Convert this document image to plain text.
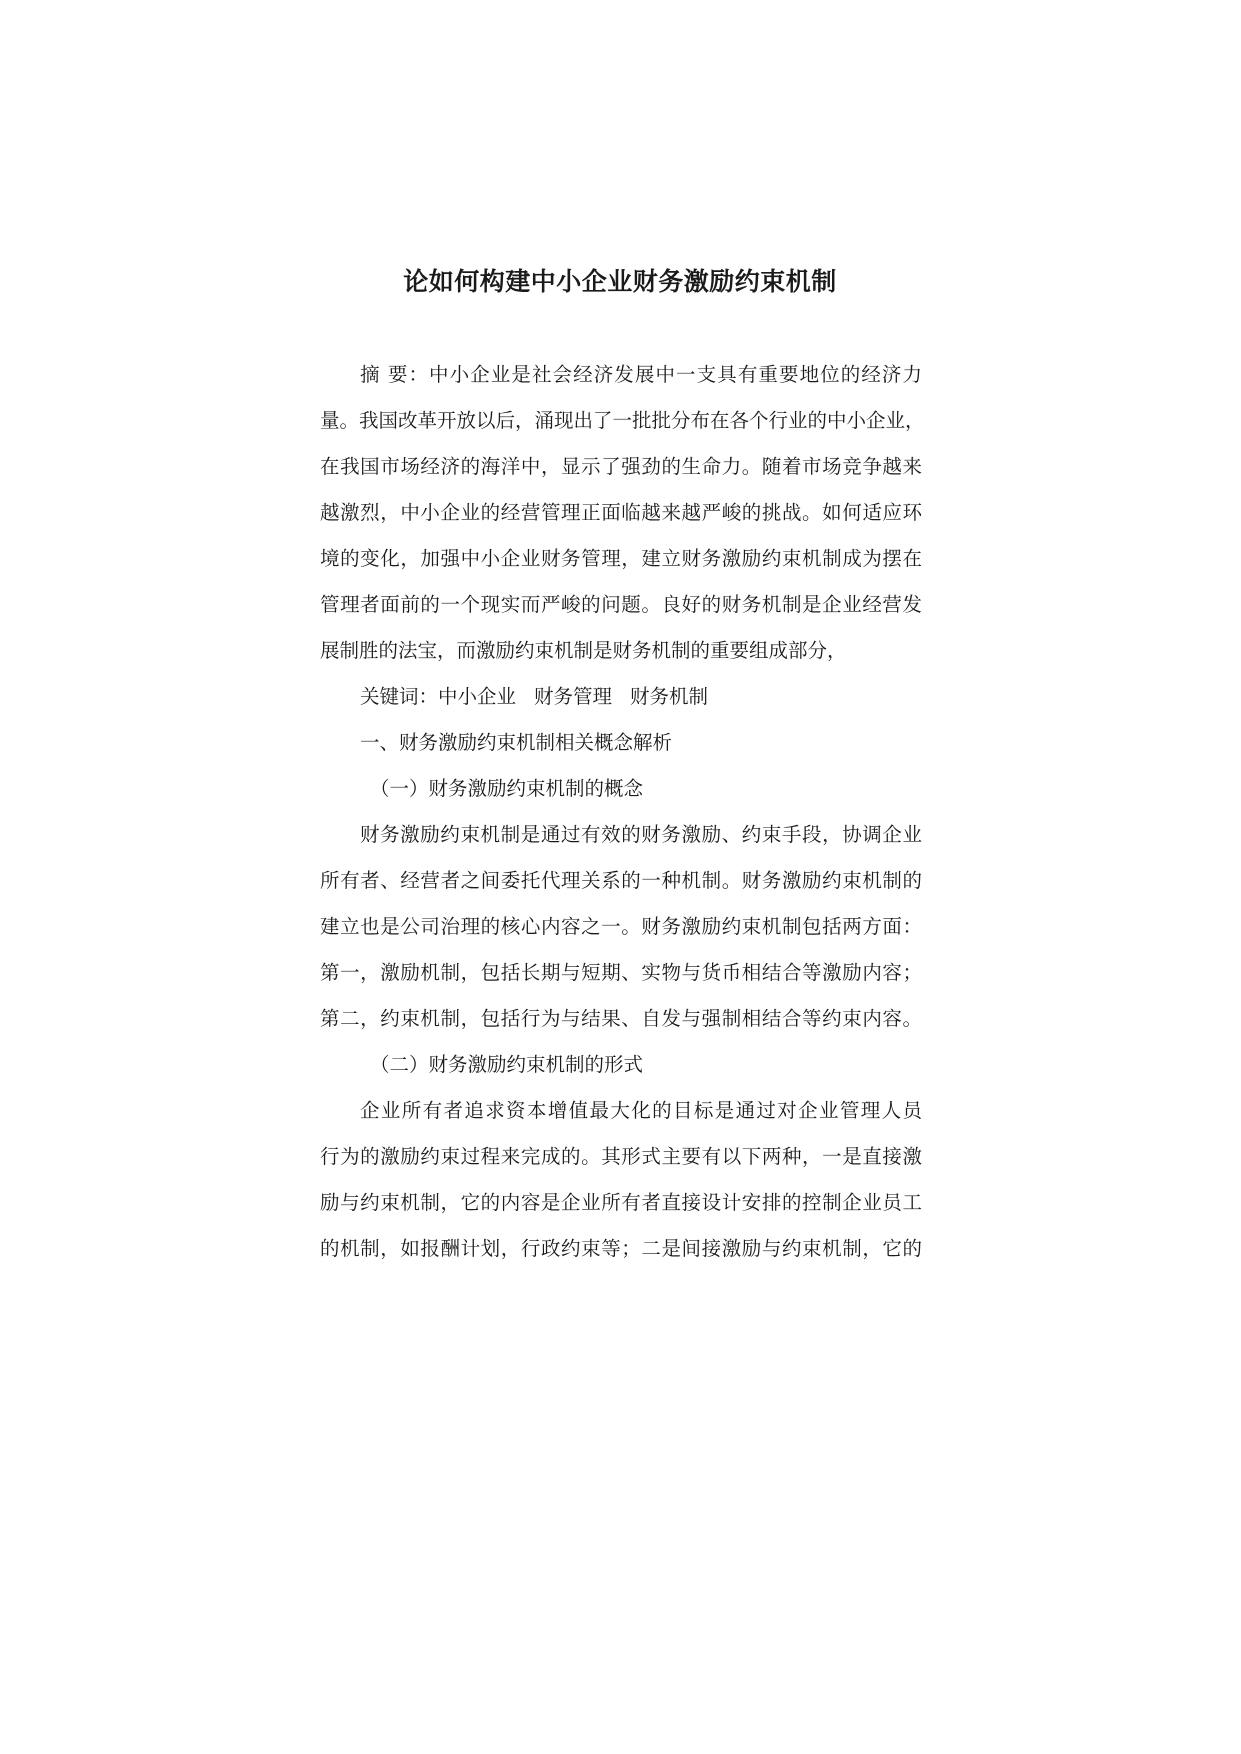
论如何构建中小企业财务激励约束机制
摘 要：中小企业是社会经济发展中一支具有重要地位的经济力
量。我国改革开放以后，涌现出了一批批分布在各个行业的中小企业，
在我国市场经济的海洋中，显示了强劲的生命力。随着市场竞争越来
越激烈，中小企业的经营管理正面临越来越严峻的挑战。如何适应环
境的变化，加强中小企业财务管理，建立财务激励约束机制成为摆在
管理者面前的一个现实而严峻的问题。良好的财务机制是企业经营发
展制胜的法宝，而激励约束机制是财务机制的重要组成部分，
关键词：中小企业 财务管理 财务机制
一、财务激励约束机制相关概念解析
（一）财务激励约束机制的概念
财务激励约束机制是通过有效的财务激励、约束手段，协调企业
所有者、经营者之间委托代理关系的一种机制。财务激励约束机制的
建立也是公司治理的核心内容之一。财务激励约束机制包括两方面：
第一，激励机制，包括长期与短期、实物与货币相结合等激励内容；
第二，约束机制，包括行为与结果、自发与强制相结合等约束内容。
（二）财务激励约束机制的形式
企业所有者追求资本增值最大化的目标是通过对企业管理人员
行为的激励约束过程来完成的。其形式主要有以下两种，一是直接激
励与约束机制，它的内容是企业所有者直接设计安排的控制企业员工
的机制，如报酬计划，行政约束等；二是间接激励与约束机制，它的
